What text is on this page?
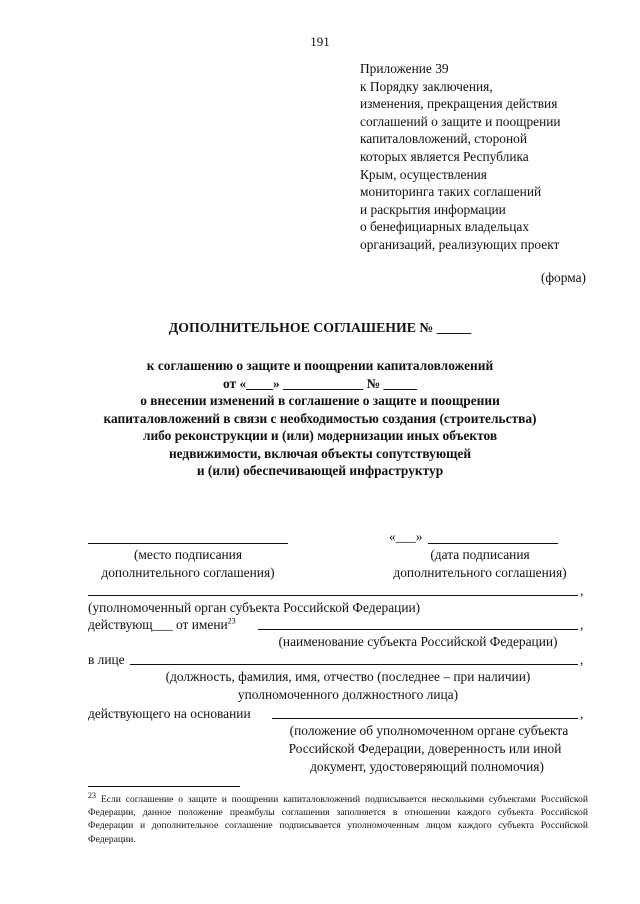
191
Приложение 39
к Порядку заключения,
изменения, прекращения действия
соглашений о защите и поощрении
капиталовложений, стороной
которых является Республика
Крым, осуществления
мониторинга таких соглашений
и раскрытия информации
о бенефициарных владельцах
организаций, реализующих проект
(форма)
ДОПОЛНИТЕЛЬНОЕ СОГЛАШЕНИЕ № _____
к соглашению о защите и поощрении капиталовложений
от «____» ____________ № _____
о внесении изменений в соглашение о защите и поощрении
капиталовложений в связи с необходимостью создания (строительства)
либо реконструкции и (или) модернизации иных объектов
недвижимости, включая объекты сопутствующей
и (или) обеспечивающей инфраструктур
(место подписания
дополнительного соглашения)
«___»
(дата подписания
дополнительного соглашения)
,
(уполномоченный орган субъекта Российской Федерации)
действующ___ от имени$^{23}$	,
(наименование субъекта Российской Федерации)
в лице	,
(должность, фамилия, имя, отчество (последнее – при наличии)
уполномоченного должностного лица)
действующего на основании	,
(положение об уполномоченном органе субъекта
Российской Федерации, доверенность или иной
документ, удостоверяющий полномочия)
$^{23}$ Если соглашение о защите и поощрении капиталовложений подписывается несколькими субъектами Российской Федерации, данное положение преамбулы соглашения заполняется в отношении каждого субъекта Российской Федерации и дополнительное соглашение подписывается уполномоченным лицом каждого субъекта Российской Федерации.
